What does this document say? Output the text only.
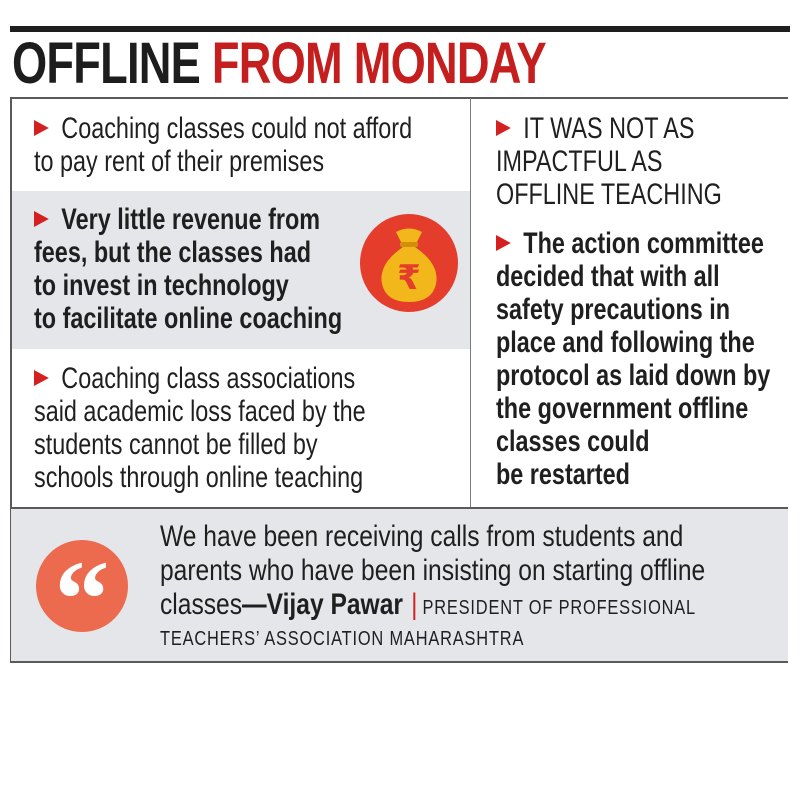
OFFLINE FROM MONDAY

Coaching classes could not afford
to pay rent of their premises

Very little revenue from
fees, but the classes had
to invest in technology
to facilitate online coaching

₹

Coaching class associations
said academic loss faced by the
students cannot be filled by
schools through online teaching

IT WAS NOT AS
IMPACTFUL AS
OFFLINE TEACHING

The action committee
decided that with all
safety precautions in
place and following the
protocol as laid down by
the government offline
classes could
be restarted

“

We have been receiving calls from students and
parents who have been insisting on starting offline
classes—Vijay Pawar | PRESIDENT OF PROFESSIONAL

TEACHERS’ ASSOCIATION MAHARASHTRA
